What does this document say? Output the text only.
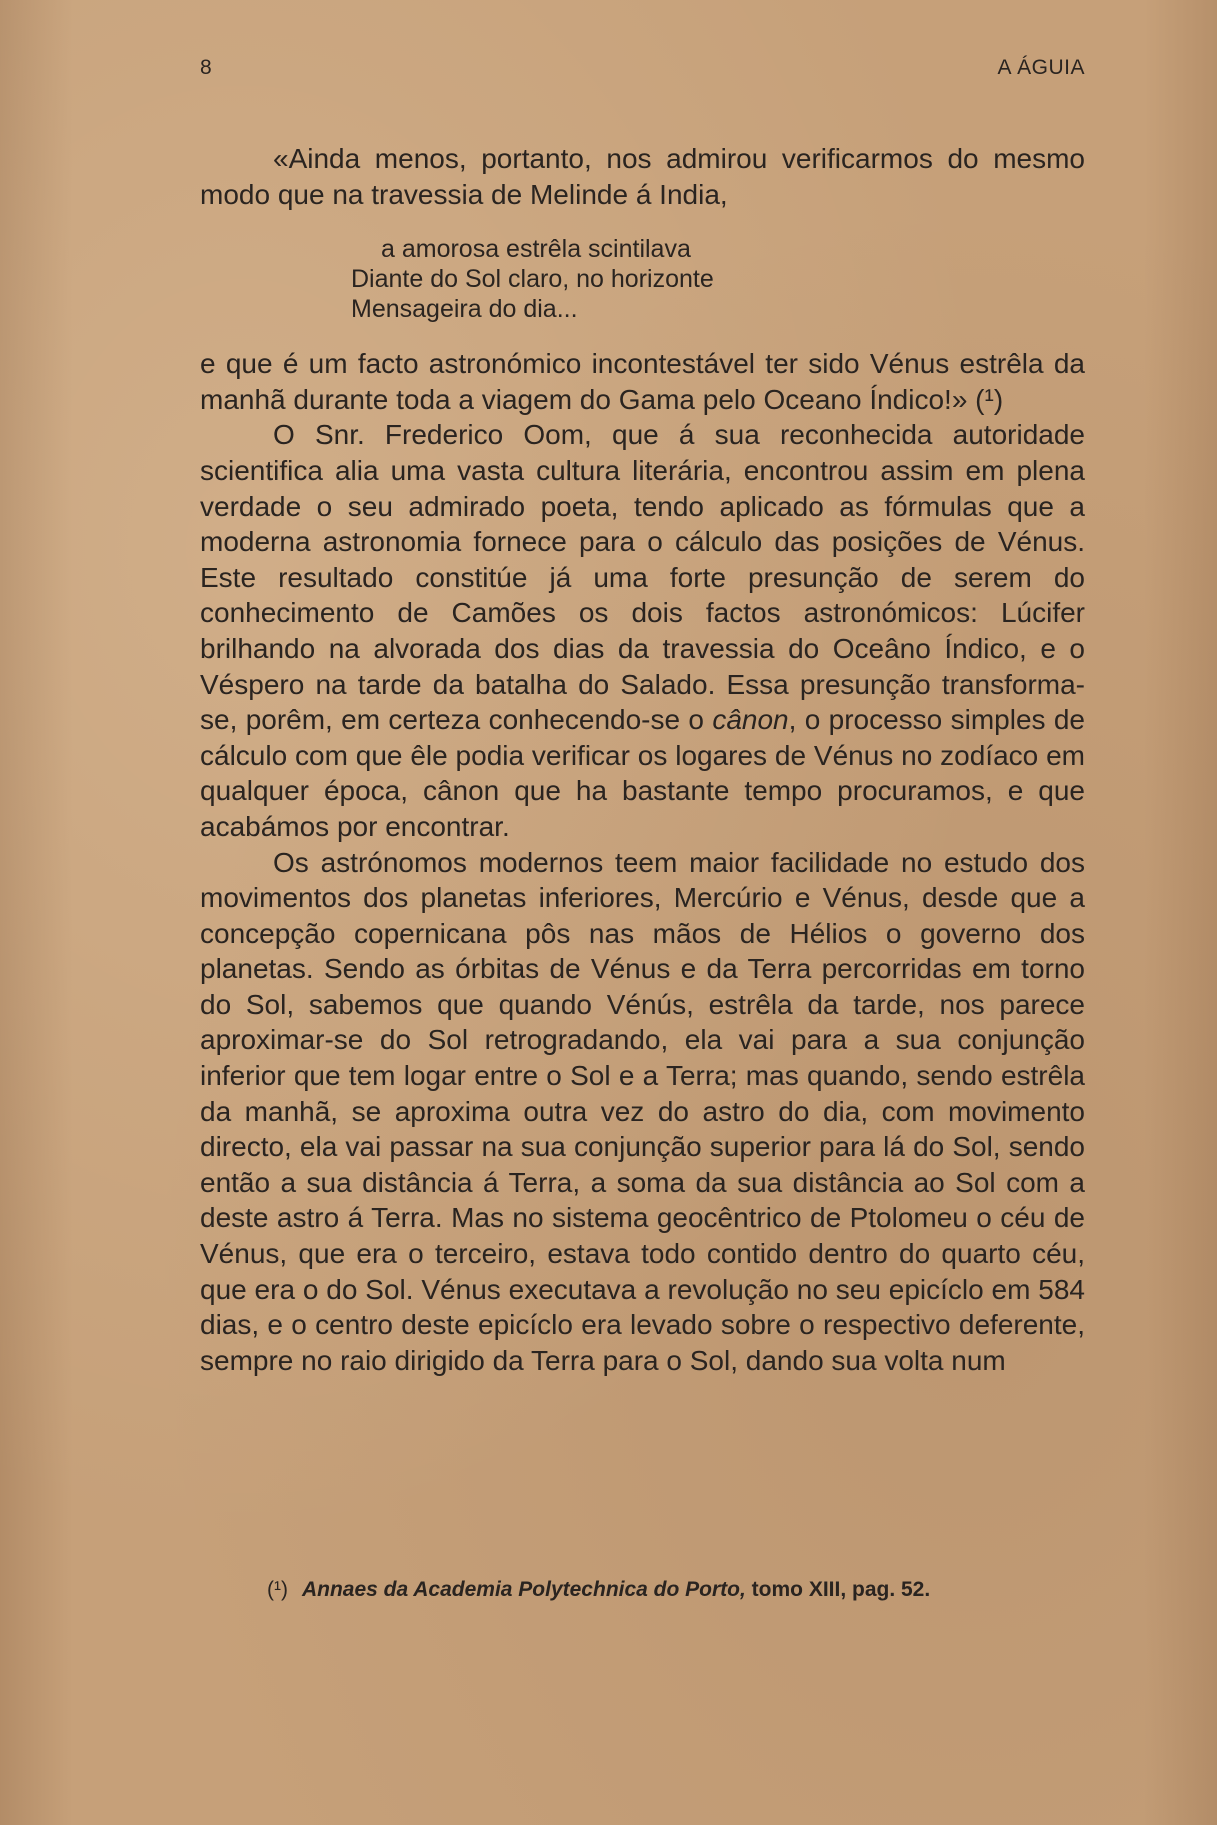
8	A ÁGUIA

«Ainda menos, portanto, nos admirou verificarmos do mesmo modo que na travessia de Melinde á India,

a amorosa estrêla scintilava
Diante do Sol claro, no horizonte
Mensageira do dia...

e que é um facto astronómico incontestável ter sido Vénus estrêla da manhã durante toda a viagem do Gama pelo Oceano Índico!» (¹)

O Snr. Frederico Oom, que á sua reconhecida autoridade scientifica alia uma vasta cultura literária, encontrou assim em plena verdade o seu admirado poeta, tendo aplicado as fórmulas que a moderna astronomia fornece para o cálculo das posições de Vénus. Este resultado constitúe já uma forte presunção de serem do conhecimento de Camões os dois factos astronómicos: Lúcifer brilhando na alvorada dos dias da travessia do Oceâno Índico, e o Véspero na tarde da batalha do Salado. Essa presunção transforma-se, porêm, em certeza conhecendo-se o cânon, o processo simples de cálculo com que êle podia verificar os logares de Vénus no zodíaco em qualquer época, cânon que ha bastante tempo procuramos, e que acabámos por encontrar.

Os astrónomos modernos teem maior facilidade no estudo dos movimentos dos planetas inferiores, Mercúrio e Vénus, desde que a concepção copernicana pôs nas mãos de Hélios o governo dos planetas. Sendo as órbitas de Vénus e da Terra percorridas em torno do Sol, sabemos que quando Vénús, estrêla da tarde, nos parece aproximar-se do Sol retrogradando, ela vai para a sua conjunção inferior que tem logar entre o Sol e a Terra; mas quando, sendo estrêla da manhã, se aproxima outra vez do astro do dia, com movimento directo, ela vai passar na sua conjunção superior para lá do Sol, sendo então a sua distância á Terra, a soma da sua distância ao Sol com a deste astro á Terra. Mas no sistema geocêntrico de Ptolomeu o céu de Vénus, que era o terceiro, estava todo contido dentro do quarto céu, que era o do Sol. Vénus executava a revolução no seu epicíclo em 584 dias, e o centro deste epicíclo era levado sobre o respectivo deferente, sempre no raio dirigido da Terra para o Sol, dando sua volta num

(¹) Annaes da Academia Polytechnica do Porto, tomo XIII, pag. 52.
